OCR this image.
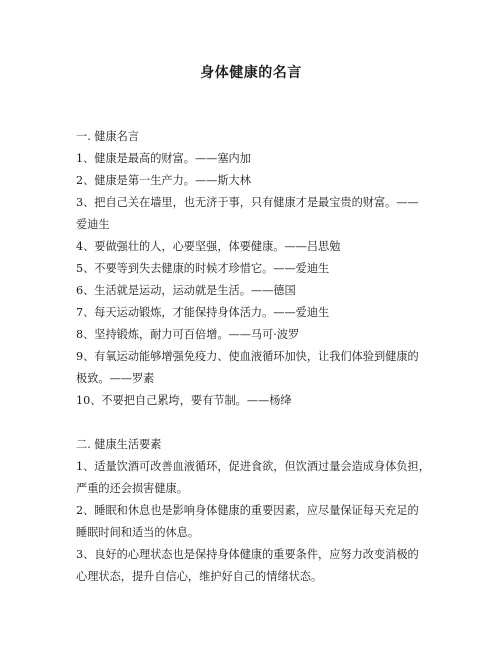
身体健康的名言
一. 健康名言
1、健康是最高的财富。——塞内加
2、健康是第一生产力。——斯大林
3、把自己关在墙里，也无济于事，只有健康才是最宝贵的财富。——
爱迪生
4、要做强壮的人，心要坚强，体要健康。——吕思勉
5、不要等到失去健康的时候才珍惜它。——爱迪生
6、生活就是运动，运动就是生活。——德国
7、每天运动锻炼，才能保持身体活力。——爱迪生
8、坚持锻炼，耐力可百倍增。——马可·波罗
9、有氧运动能够增强免疫力、使血液循环加快，让我们体验到健康的
极致。——罗素
10、不要把自己累垮，要有节制。——杨绛
二. 健康生活要素
1、适量饮酒可改善血液循环，促进食欲，但饮酒过量会造成身体负担，
严重的还会损害健康。
2、睡眠和休息也是影响身体健康的重要因素，应尽量保证每天充足的
睡眠时间和适当的休息。
3、良好的心理状态也是保持身体健康的重要条件，应努力改变消极的
心理状态，提升自信心，维护好自己的情绪状态。
